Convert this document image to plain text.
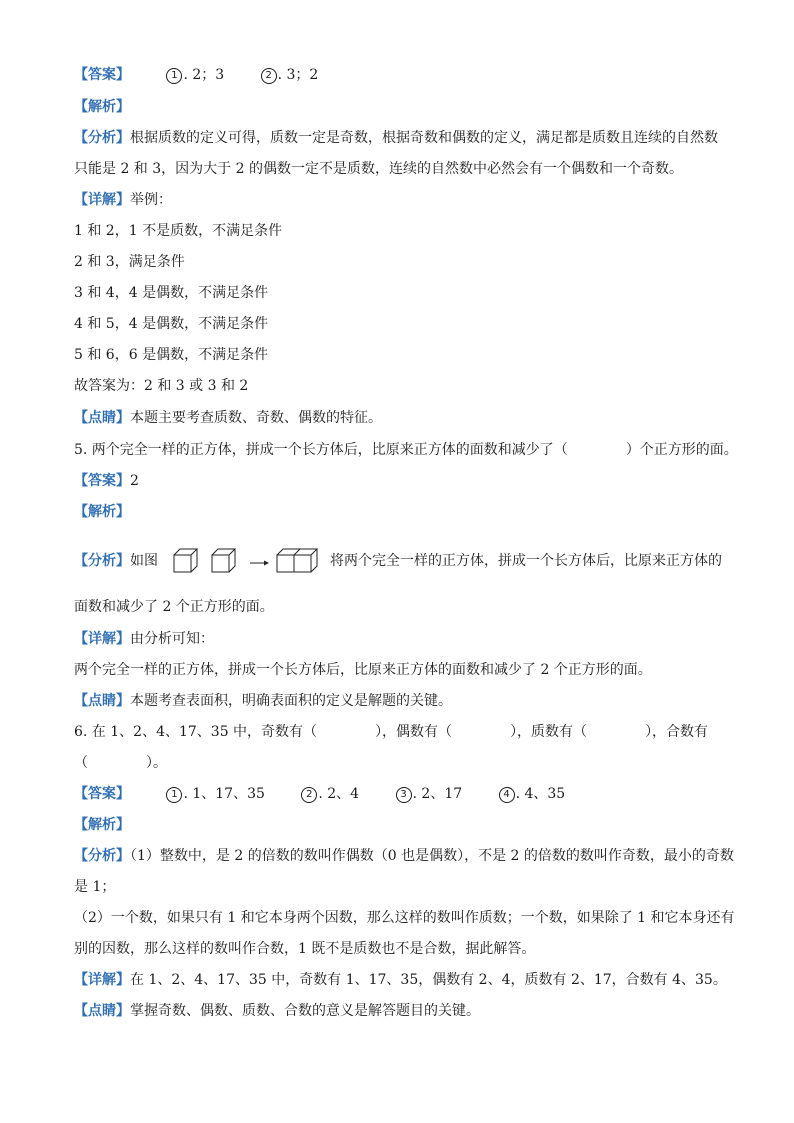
【答案】	1 . 2；3	2 . 3；2
【解析】
【分析】根据质数的定义可得，质数一定是奇数，根据奇数和偶数的定义，满足都是质数且连续的自然数
只能是 2 和 3，因为大于 2 的偶数一定不是质数，连续的自然数中必然会有一个偶数和一个奇数。
【详解】举例：
1 和 2，1 不是质数，不满足条件
2 和 3，满足条件
3 和 4，4 是偶数，不满足条件
4 和 5，4 是偶数，不满足条件
5 和 6，6 是偶数，不满足条件
故答案为：2 和 3 或 3 和 2
【点睛】本题主要考查质数、奇数、偶数的特征。
5. 两个完全一样的正方体，拼成一个长方体后，比原来正方体的面数和减少了（	）个正方形的面。
【答案】2
【解析】
【分析】如图	将两个完全一样的正方体，拼成一个长方体后，比原来正方体的
面数和减少了 2 个正方形的面。
【详解】由分析可知：
两个完全一样的正方体，拼成一个长方体后，比原来正方体的面数和减少了 2 个正方形的面。
【点睛】本题考查表面积，明确表面积的定义是解题的关键。
6. 在 1、2、4、17、35 中，奇数有（	），偶数有（	），质数有（	），合数有
（	）。
【答案】	1 . 1、17、35	2 . 2、4	3 . 2、17	4 . 4、35
【解析】
【分析】（1）整数中，是 2 的倍数的数叫作偶数（0 也是偶数），不是 2 的倍数的数叫作奇数，最小的奇数
是 1；
（2）一个数，如果只有 1 和它本身两个因数，那么这样的数叫作质数；一个数，如果除了 1 和它本身还有
别的因数，那么这样的数叫作合数，1 既不是质数也不是合数，据此解答。
【详解】在 1、2、4、17、35 中，奇数有 1、17、35，偶数有 2、4，质数有 2、17，合数有 4、35。
【点睛】掌握奇数、偶数、质数、合数的意义是解答题目的关键。
